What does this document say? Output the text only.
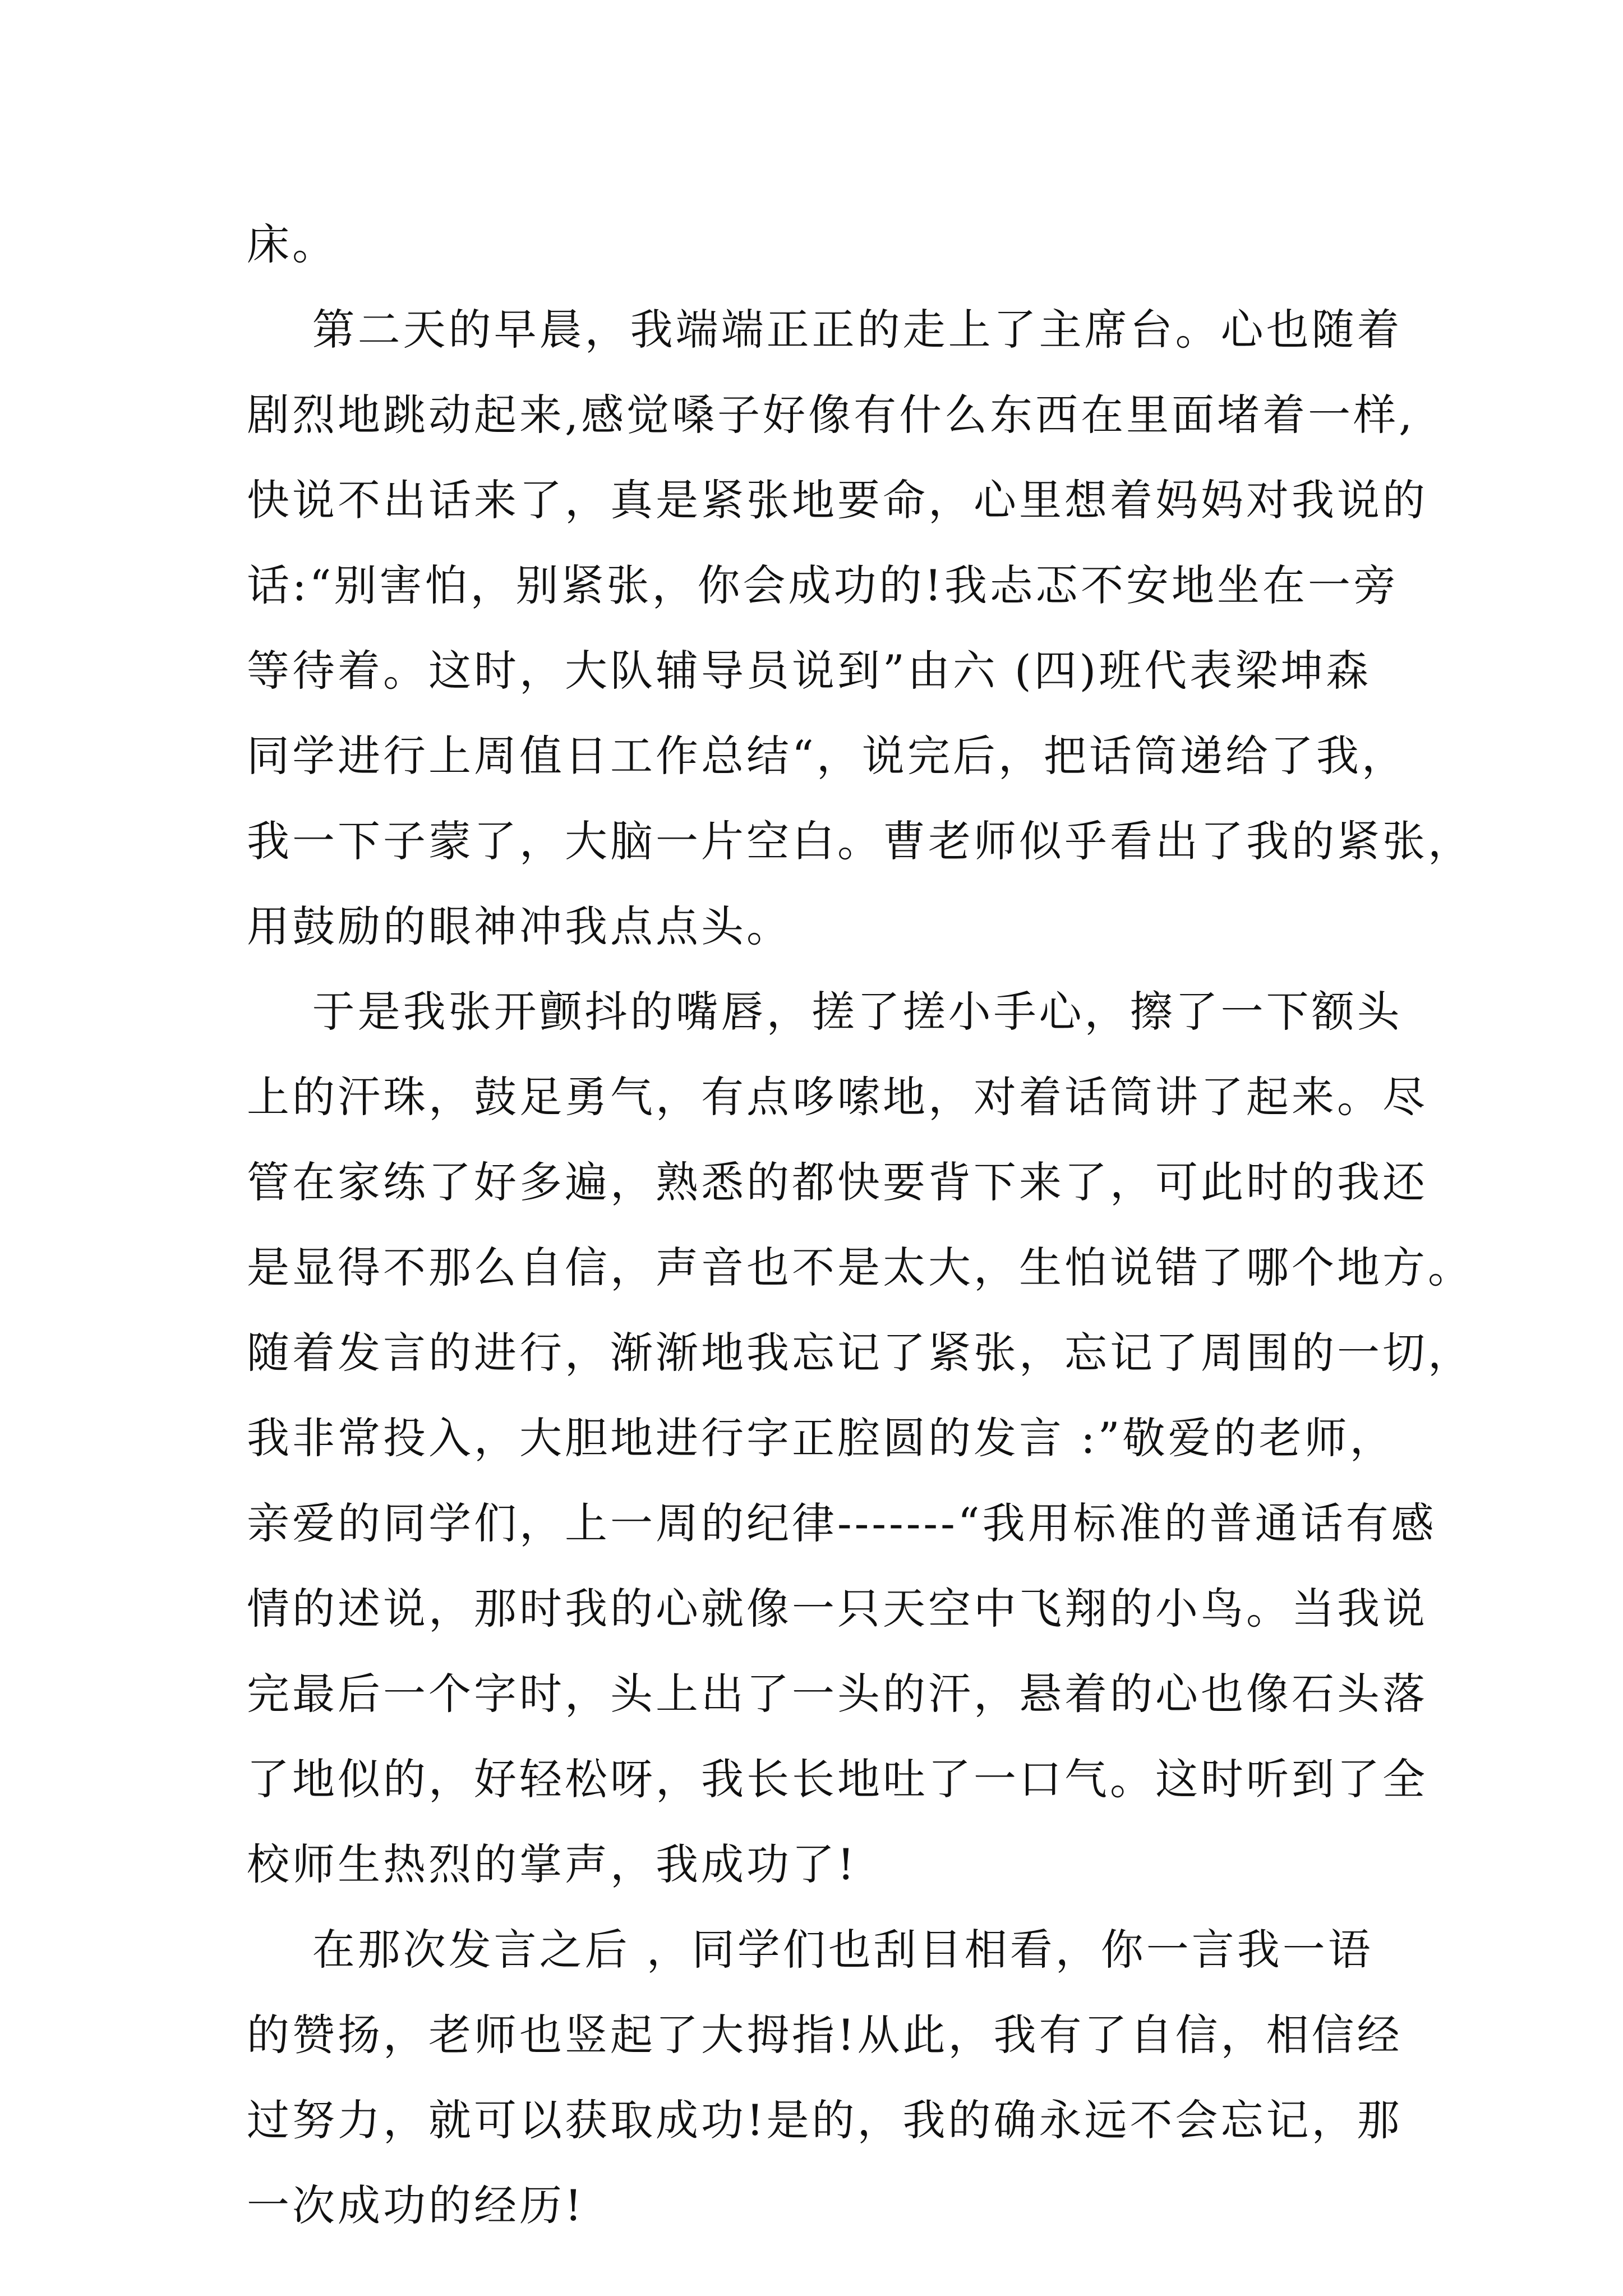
床。
第二天的早晨，我端端正正的走上了主席台。心也随着
剧烈地跳动起来,感觉嗓子好像有什么东西在里面堵着一样,
快说不出话来了，真是紧张地要命，心里想着妈妈对我说的
话:“别害怕，别紧张，你会成功的!我忐忑不安地坐在一旁
等待着。这时，大队辅导员说到”由六 (四)班代表梁坤森
同学进行上周值日工作总结“，说完后，把话筒递给了我，
我一下子蒙了，大脑一片空白。曹老师似乎看出了我的紧张，
用鼓励的眼神冲我点点头。
于是我张开颤抖的嘴唇，搓了搓小手心，擦了一下额头
上的汗珠，鼓足勇气，有点哆嗦地，对着话筒讲了起来。尽
管在家练了好多遍，熟悉的都快要背下来了，可此时的我还
是显得不那么自信，声音也不是太大，生怕说错了哪个地方。
随着发言的进行，渐渐地我忘记了紧张，忘记了周围的一切，
我非常投入，大胆地进行字正腔圆的发言 :”敬爱的老师，
亲爱的同学们，上一周的纪律-------“我用标准的普通话有感
情的述说，那时我的心就像一只天空中飞翔的小鸟。当我说
完最后一个字时，头上出了一头的汗，悬着的心也像石头落
了地似的，好轻松呀，我长长地吐了一口气。这时听到了全
校师生热烈的掌声，我成功了!
在那次发言之后 ，同学们也刮目相看，你一言我一语
的赞扬，老师也竖起了大拇指!从此，我有了自信，相信经
过努力，就可以获取成功!是的，我的确永远不会忘记，那
一次成功的经历!
